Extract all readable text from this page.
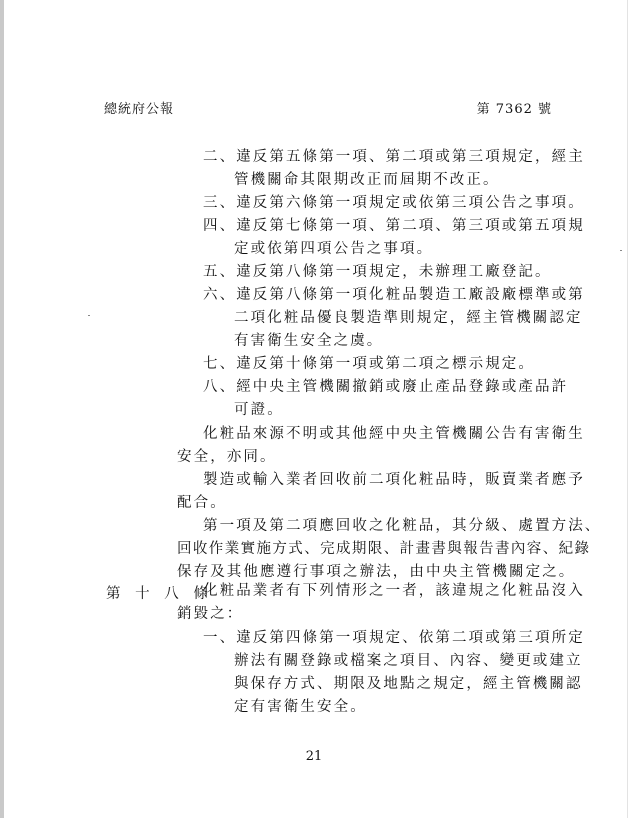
總統府公報	第 7362 號
二、違反第五條第一項、第二項或第三項規定，經主
管機關命其限期改正而屆期不改正。
三、違反第六條第一項規定或依第三項公告之事項。
四、違反第七條第一項、第二項、第三項或第五項規
定或依第四項公告之事項。
五、違反第八條第一項規定，未辦理工廠登記。
六、違反第八條第一項化粧品製造工廠設廠標準或第
二項化粧品優良製造準則規定，經主管機關認定
有害衛生安全之虞。
七、違反第十條第一項或第二項之標示規定。
八、經中央主管機關撤銷或廢止產品登錄或產品許
可證。
化粧品來源不明或其他經中央主管機關公告有害衛生
安全，亦同。
製造或輸入業者回收前二項化粧品時，販賣業者應予
配合。
第一項及第二項應回收之化粧品，其分級、處置方法、
回收作業實施方式、完成期限、計畫書與報告書內容、紀錄
保存及其他應遵行事項之辦法，由中央主管機關定之。
第 十 八 條
化粧品業者有下列情形之一者，該違規之化粧品沒入
銷毀之：
一、違反第四條第一項規定、依第二項或第三項所定
辦法有關登錄或檔案之項目、內容、變更或建立
與保存方式、期限及地點之規定，經主管機關認
定有害衛生安全。
21
